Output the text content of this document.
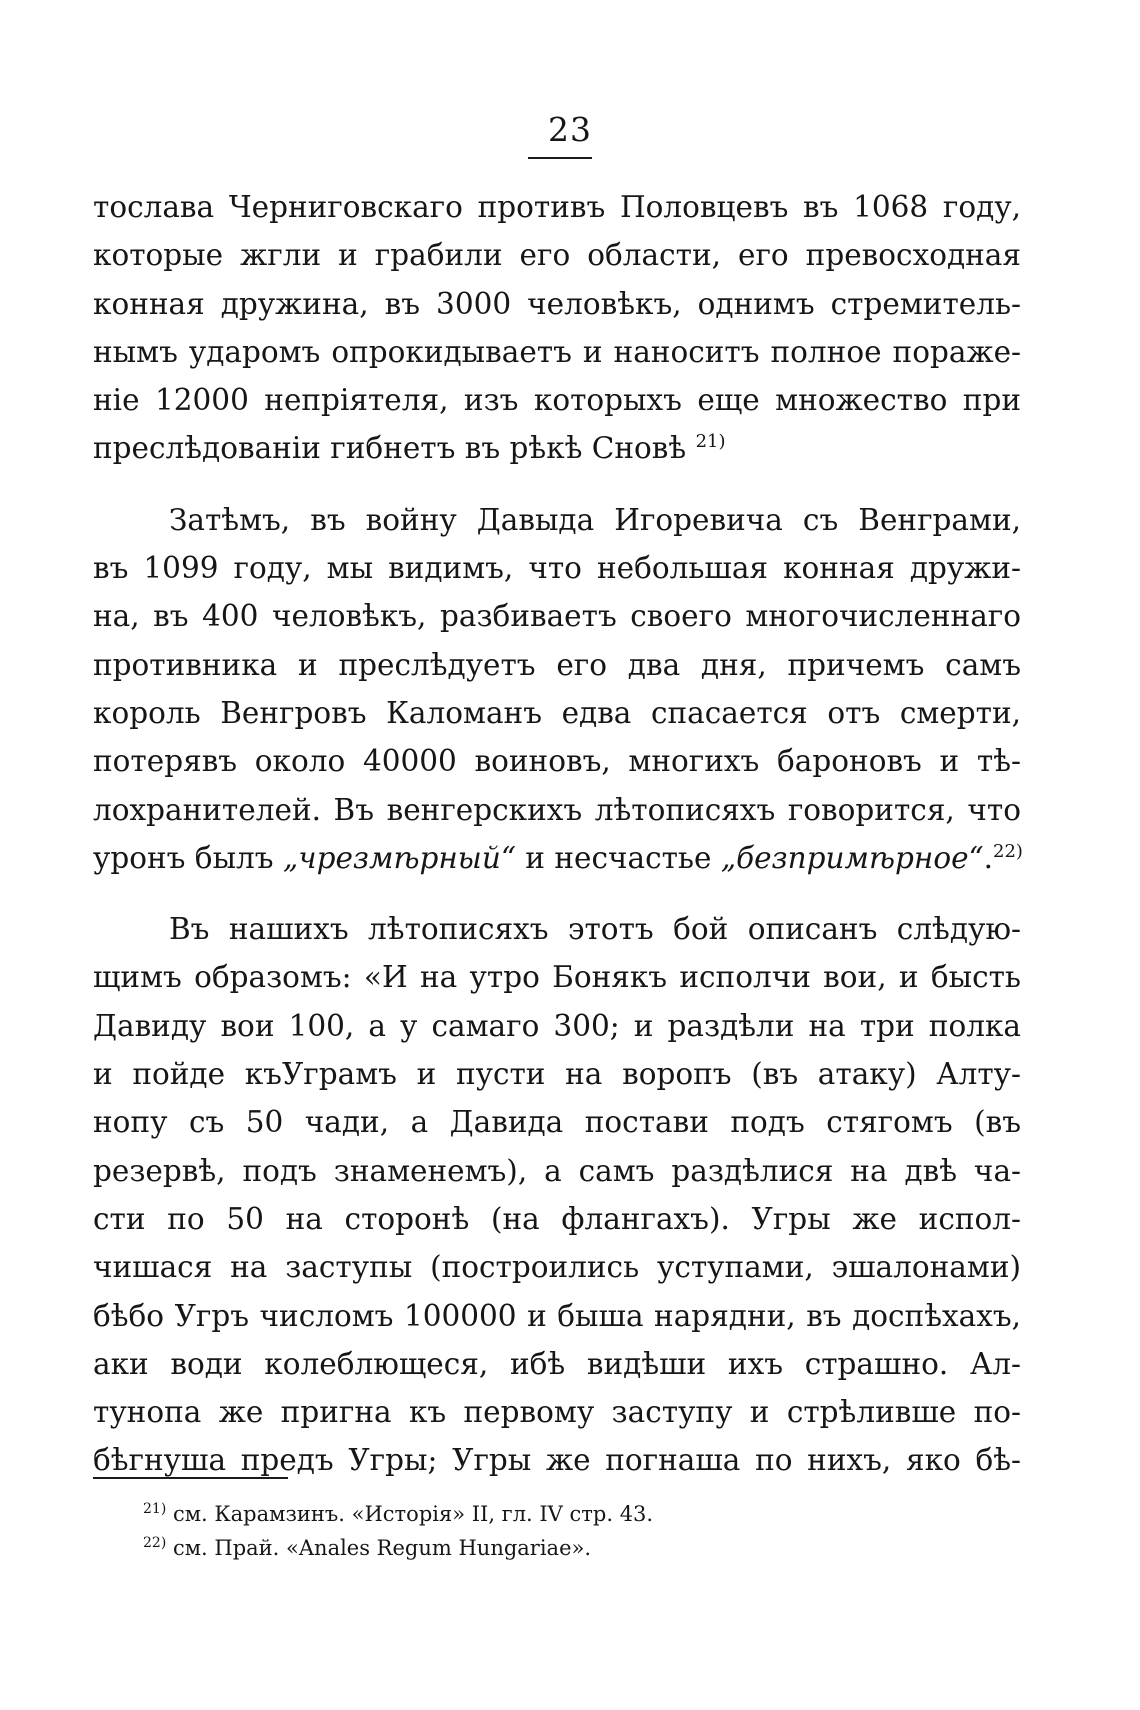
23

тослава Черниговскаго противъ Половцевъ въ 1068 году,
которые жгли и грабили его области, его превосходная
конная дружина, въ 3000 человѣкъ, однимъ стремитель-
нымъ ударомъ опрокидываетъ и наноситъ полное пораже-
ніе 12000 непріятеля, изъ которыхъ еще множество при
преслѣдованіи гибнетъ въ рѣкѣ Сновѣ $^{21)}$

Затѣмъ, въ войну Давыда Игоревича съ Венграми,
въ 1099 году, мы видимъ, что небольшая конная дружи-
на, въ 400 человѣкъ, разбиваетъ своего многочисленнаго
противника и преслѣдуетъ его два дня, причемъ самъ
король Венгровъ Каломанъ едва спасается отъ смерти,
потерявъ около 40000 воиновъ, многихъ бароновъ и тѣ-
лохранителей. Въ венгерскихъ лѣтописяхъ говорится, что
уронъ былъ „чрезмѣрный“ и несчастье „безпримѣрное“.$^{22)}$

Въ нашихъ лѣтописяхъ этотъ бой описанъ слѣдую-
щимъ образомъ: «И на утро Бонякъ исполчи вои, и бысть
Давиду вои 100, а у самаго 300; и раздѣли на три полка
и пойде къУграмъ и пусти на воропъ (въ атаку) Алту-
нопу съ 50 чади, а Давида постави подъ стягомъ (въ
резервѣ, подъ знаменемъ), а самъ раздѣлися на двѣ ча-
сти по 50 на сторонѣ (на флангахъ). Угры же испол-
чишася на заступы (построились уступами, эшалонами)
бѣбо Угръ числомъ 100000 и быша нарядни, въ доспѣхахъ,
аки води колеблющеся, ибѣ видѣши ихъ страшно. Ал-
тунопа же пригна къ первому заступу и стрѣливше по-
бѣгнуша предъ Угры; Угры же погнаша по нихъ, яко бѣ-

$^{21)}$ см. Карамзинъ. «Исторія» II, гл. IV стр. 43.
$^{22)}$ см. Прай. «Anales Regum Hungariae».
